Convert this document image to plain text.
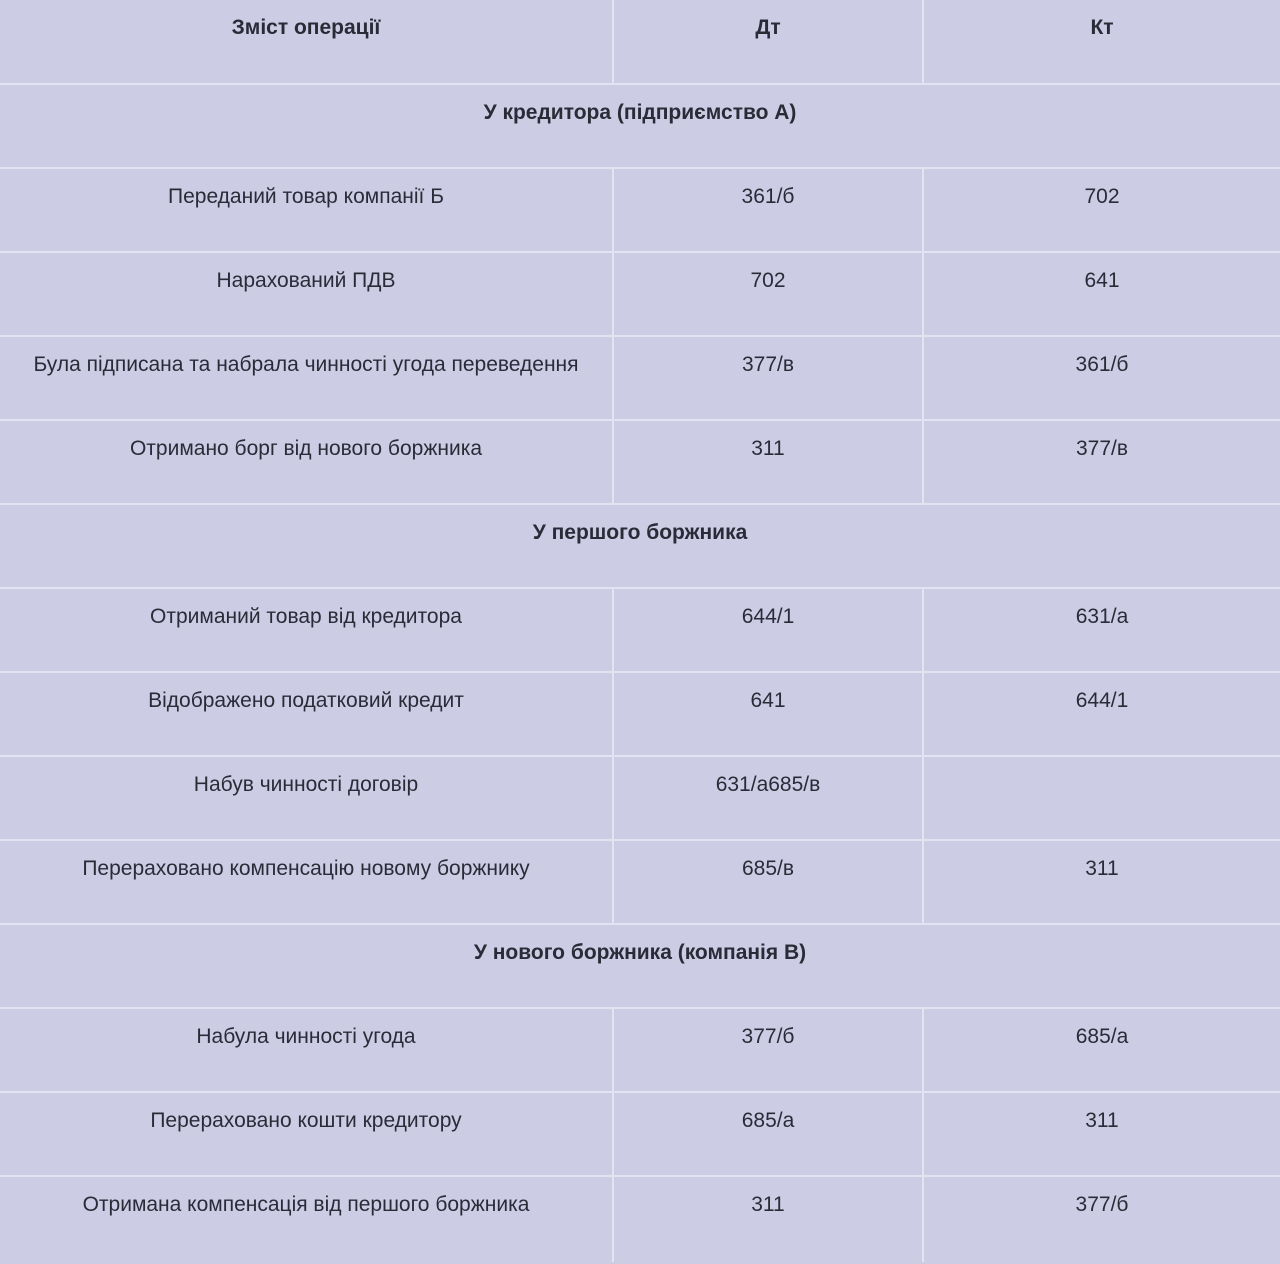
Зміст операції	Дт	Кт
У кредитора (підприємство А)		
Переданий товар компанії Б	361/б	702
Нарахований ПДВ	702	641
Була підписана та набрала чинності угода переведення	377/в	361/б
Отримано борг від нового боржника	311	377/в
У першого боржника		
Отриманий товар від кредитора	644/1	631/а
Відображено податковий кредит	641	644/1
Набув чинності договір	631/а685/в	
Перераховано компенсацію новому боржнику	685/в	311
У нового боржника (компанія В)		
Набула чинності угода	377/б	685/а
Перераховано кошти кредитору	685/а	311
Отримана компенсація від першого боржника	311	377/б
